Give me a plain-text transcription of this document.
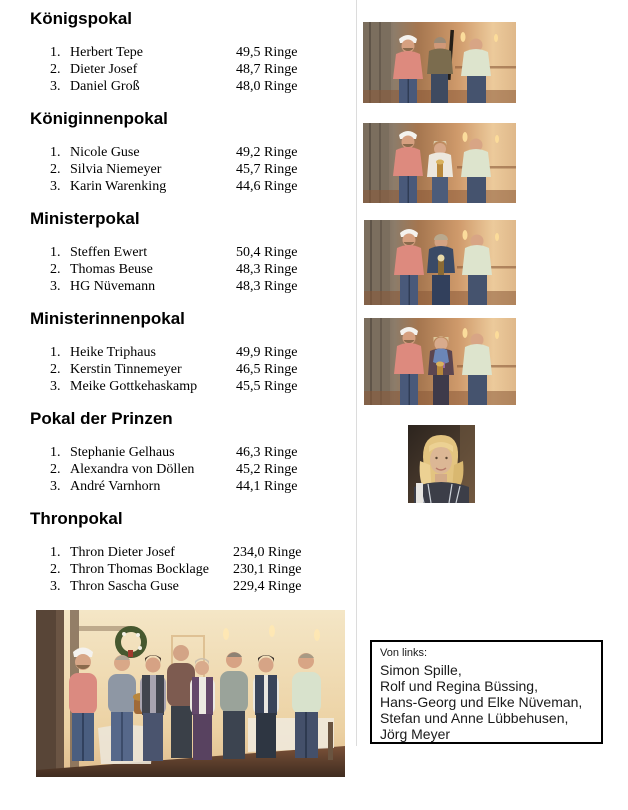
Königspokal
1. Herbert Tepe	49,5 Ringe
2. Dieter Josef	48,7 Ringe
3. Daniel Groß	48,0 Ringe
Königinnenpokal
1. Nicole Guse	49,2 Ringe
2. Silvia Niemeyer	45,7 Ringe
3. Karin Warenking	44,6 Ringe
Ministerpokal
1. Steffen Ewert	50,4 Ringe
2. Thomas Beuse	48,3 Ringe
3. HG Nüvemann	48,3 Ringe
Ministerinnenpokal
1. Heike Triphaus	49,9 Ringe
2. Kerstin Tinnemeyer	46,5 Ringe
3. Meike Gottkehaskamp	45,5 Ringe
Pokal der Prinzen
1. Stephanie Gelhaus	46,3 Ringe
2. Alexandra von Döllen	45,2 Ringe
3. André Varnhorn	44,1 Ringe
Thronpokal
1. Thron Dieter Josef	234,0 Ringe
2. Thron Thomas Bocklage 230,1 Ringe
3. Thron Sascha Guse	229,4 Ringe
Von links:
Simon Spille,
Rolf und Regina Büssing,
Hans-Georg und Elke Nüveman,
Stefan und Anne Lübbehusen,
Jörg Meyer
